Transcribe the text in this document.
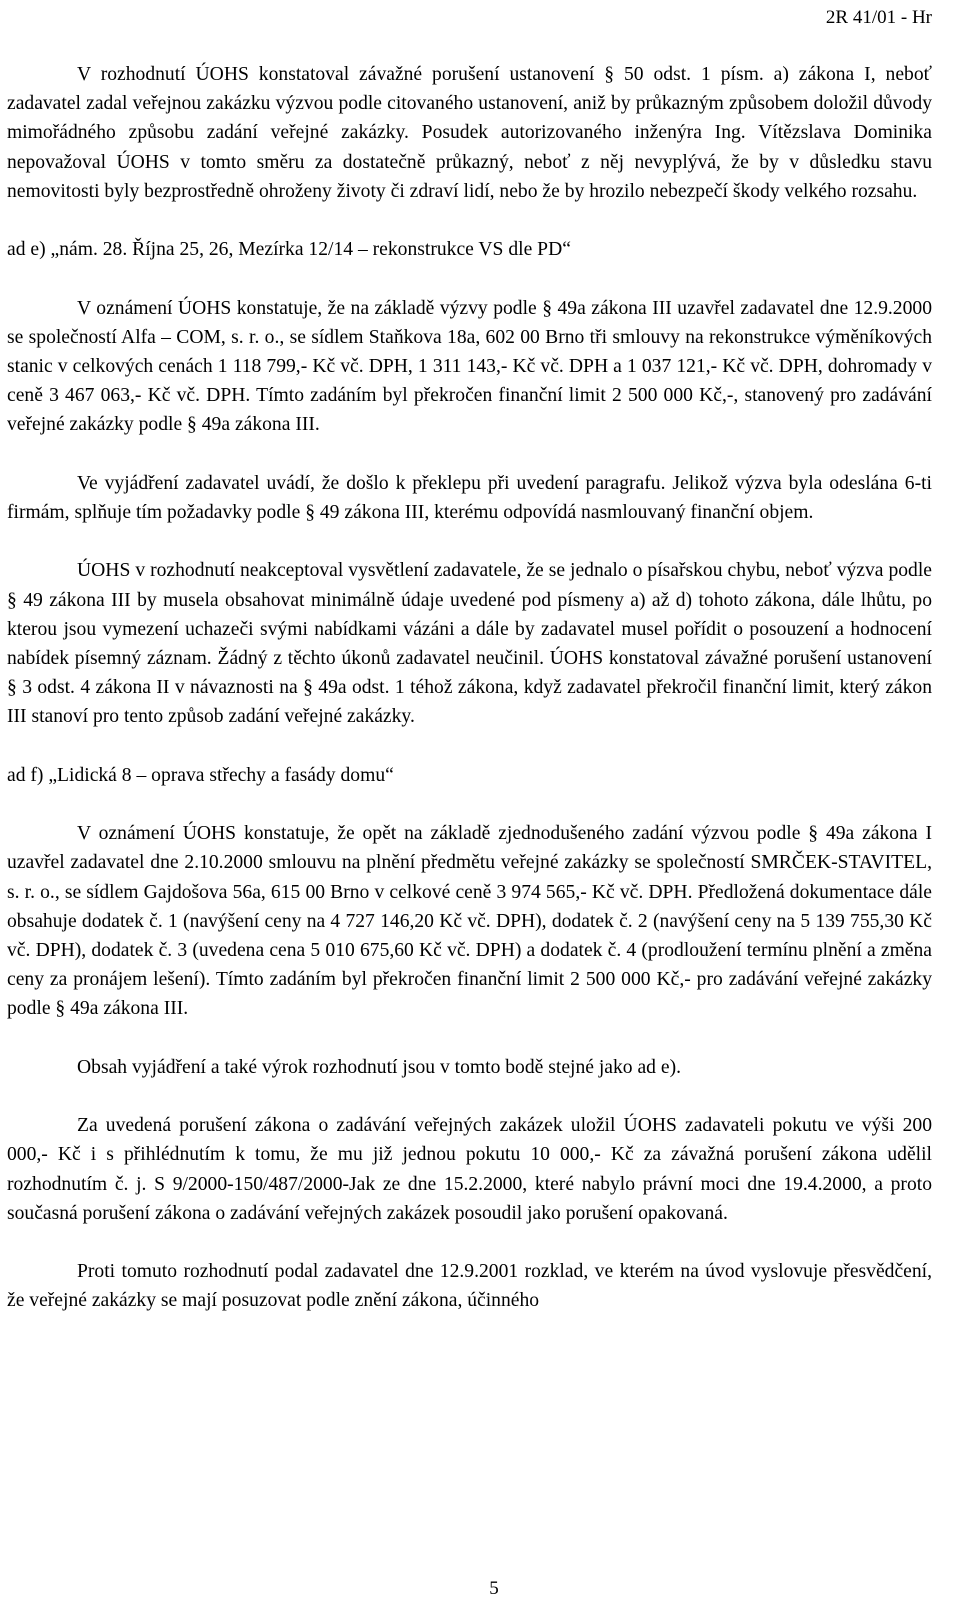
2R 41/01 - Hr

V rozhodnutí ÚOHS konstatoval závažné porušení ustanovení § 50 odst. 1 písm. a) zákona I, neboť zadavatel zadal veřejnou zakázku výzvou podle citovaného ustanovení, aniž by průkazným způsobem doložil důvody mimořádného způsobu zadání veřejné zakázky. Posudek autorizovaného inženýra Ing. Vítězslava Dominika nepovažoval ÚOHS v tomto směru za dostatečně průkazný, neboť z něj nevyplývá, že by v důsledku stavu nemovitosti byly bezprostředně ohroženy životy či zdraví lidí, nebo že by hrozilo nebezpečí škody velkého rozsahu.

ad e) „nám. 28. Října 25, 26, Mezírka 12/14 – rekonstrukce VS dle PD“

V oznámení ÚOHS konstatuje, že na základě výzvy podle § 49a zákona III uzavřel zadavatel dne 12.9.2000 se společností Alfa – COM, s. r. o., se sídlem Staňkova 18a, 602 00 Brno tři smlouvy na rekonstrukce výměníkových stanic v celkových cenách 1 118 799,- Kč vč. DPH, 1 311 143,- Kč vč. DPH a 1 037 121,- Kč vč. DPH, dohromady v ceně 3 467 063,- Kč vč. DPH. Tímto zadáním byl překročen finanční limit 2 500 000 Kč,-, stanovený pro zadávání veřejné zakázky podle § 49a zákona III.

Ve vyjádření zadavatel uvádí, že došlo k překlepu při uvedení paragrafu. Jelikož výzva byla odeslána 6-ti firmám, splňuje tím požadavky podle § 49 zákona III, kterému odpovídá nasmlouvaný finanční objem.

ÚOHS v rozhodnutí neakceptoval vysvětlení zadavatele, že se jednalo o písařskou chybu, neboť výzva podle § 49 zákona III by musela obsahovat minimálně údaje uvedené pod písmeny a) až d) tohoto zákona, dále lhůtu, po kterou jsou vymezení uchazeči svými nabídkami vázáni a dále by zadavatel musel pořídit o posouzení a hodnocení nabídek písemný záznam. Žádný z těchto úkonů zadavatel neučinil. ÚOHS konstatoval závažné porušení ustanovení § 3 odst. 4 zákona II v návaznosti na § 49a odst. 1 téhož zákona, když zadavatel překročil finanční limit, který zákon III stanoví pro tento způsob zadání veřejné zakázky.

ad f) „Lidická 8 – oprava střechy a fasády domu“

V oznámení ÚOHS konstatuje, že opět na základě zjednodušeného zadání výzvou podle § 49a zákona I uzavřel zadavatel dne 2.10.2000 smlouvu na plnění předmětu veřejné zakázky se společností SMRČEK-STAVITEL, s. r. o., se sídlem Gajdošova 56a, 615 00 Brno v celkové ceně 3 974 565,- Kč vč. DPH. Předložená dokumentace dále obsahuje dodatek č. 1 (navýšení ceny na 4 727 146,20 Kč vč. DPH), dodatek č. 2 (navýšení ceny na 5 139 755,30 Kč vč. DPH), dodatek č. 3 (uvedena cena 5 010 675,60 Kč vč. DPH) a dodatek č. 4 (prodloužení termínu plnění a změna ceny za pronájem lešení). Tímto zadáním byl překročen finanční limit 2 500 000 Kč,- pro zadávání veřejné zakázky podle § 49a zákona III.

Obsah vyjádření a také výrok rozhodnutí jsou v tomto bodě stejné jako ad e).

Za uvedená porušení zákona o zadávání veřejných zakázek uložil ÚOHS zadavateli pokutu ve výši 200 000,- Kč i s přihlédnutím k tomu, že mu již jednou pokutu 10 000,- Kč za závažná porušení zákona udělil rozhodnutím č. j. S 9/2000-150/487/2000-Jak ze dne 15.2.2000, které nabylo právní moci dne 19.4.2000, a proto současná porušení zákona o zadávání veřejných zakázek posoudil jako porušení opakovaná.

Proti tomuto rozhodnutí podal zadavatel dne 12.9.2001 rozklad, ve kterém na úvod vyslovuje přesvědčení, že veřejné zakázky se mají posuzovat podle znění zákona, účinného

5
